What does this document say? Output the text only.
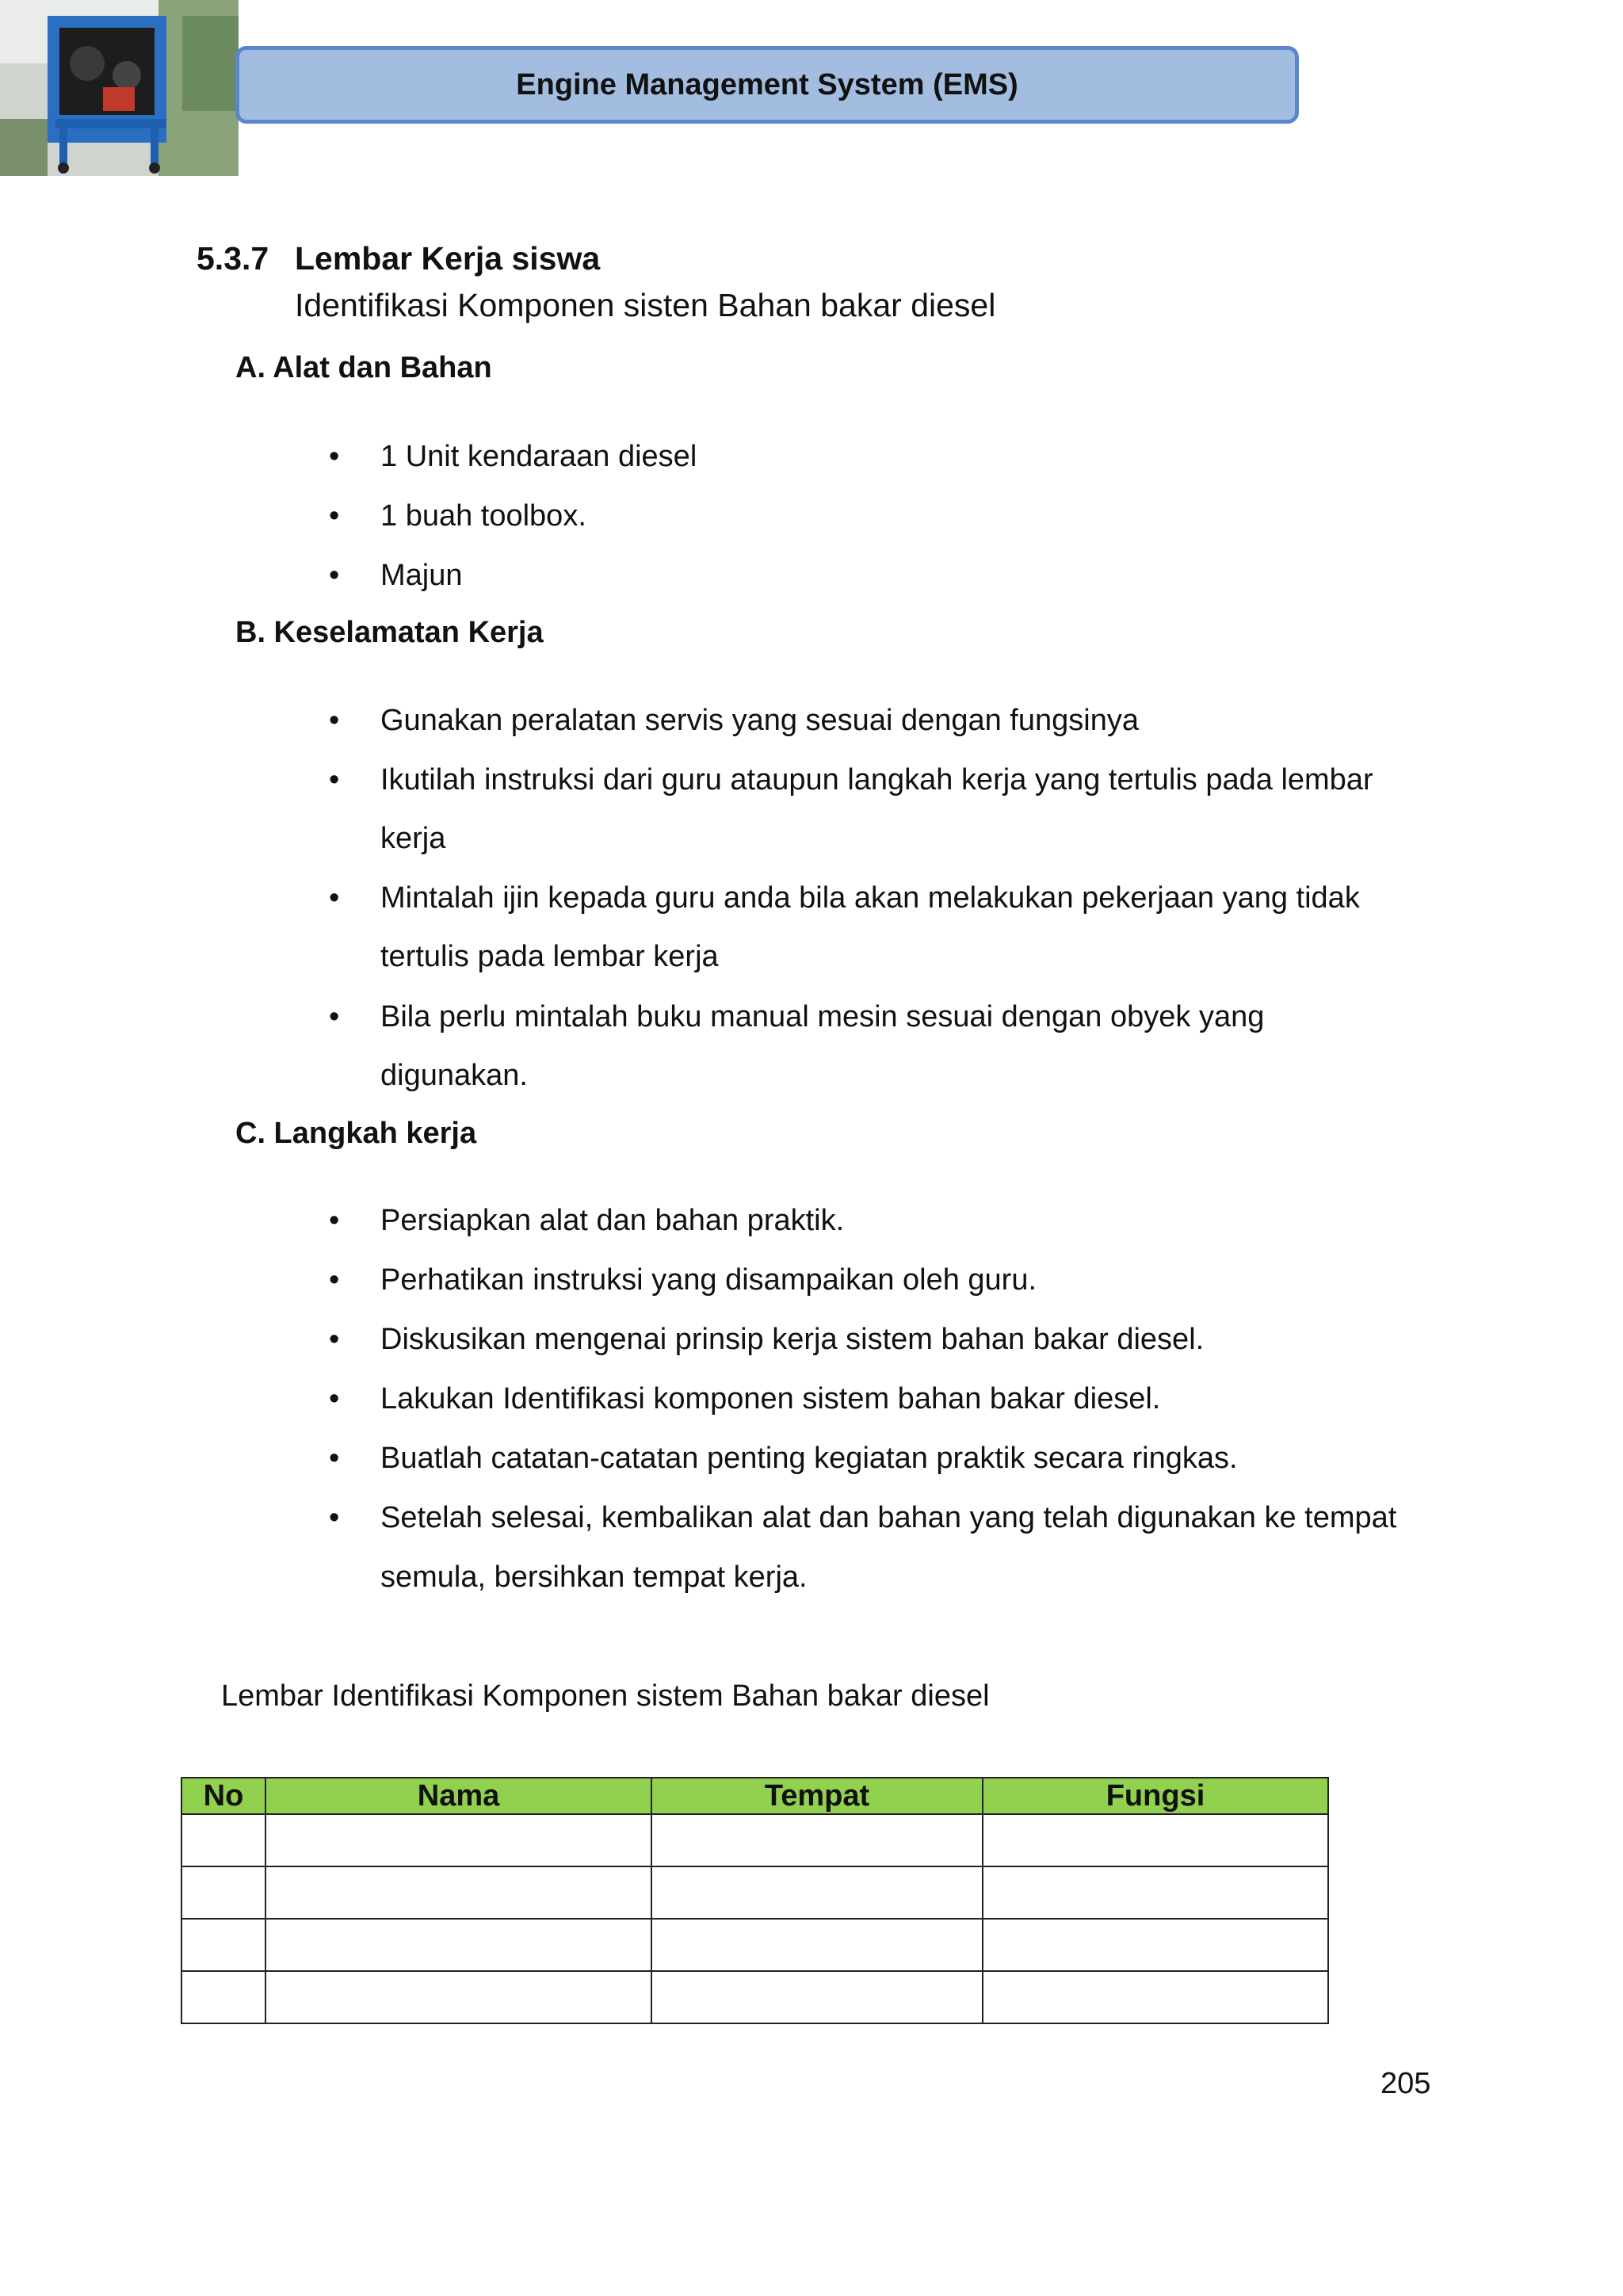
Engine Management System (EMS)
5.3.7 Lembar Kerja siswa
Identifikasi Komponen sisten Bahan bakar diesel
A. Alat dan Bahan
• 1 Unit kendaraan diesel
• 1 buah toolbox.
• Majun
B. Keselamatan Kerja
• Gunakan peralatan servis yang sesuai dengan fungsinya
• Ikutilah instruksi dari guru ataupun langkah kerja yang tertulis pada lembar
kerja
• Mintalah ijin kepada guru anda bila akan melakukan pekerjaan yang tidak
tertulis pada lembar kerja
• Bila perlu mintalah buku manual mesin sesuai dengan obyek yang
digunakan.
C. Langkah kerja
• Persiapkan alat dan bahan praktik.
• Perhatikan instruksi yang disampaikan oleh guru.
• Diskusikan mengenai prinsip kerja sistem bahan bakar diesel.
• Lakukan Identifikasi komponen sistem bahan bakar diesel.
• Buatlah catatan-catatan penting kegiatan praktik secara ringkas.
• Setelah selesai, kembalikan alat dan bahan yang telah digunakan ke tempat
semula, bersihkan tempat kerja.
Lembar Identifikasi Komponen sistem Bahan bakar diesel
No	Nama	Tempat	Fungsi

205
